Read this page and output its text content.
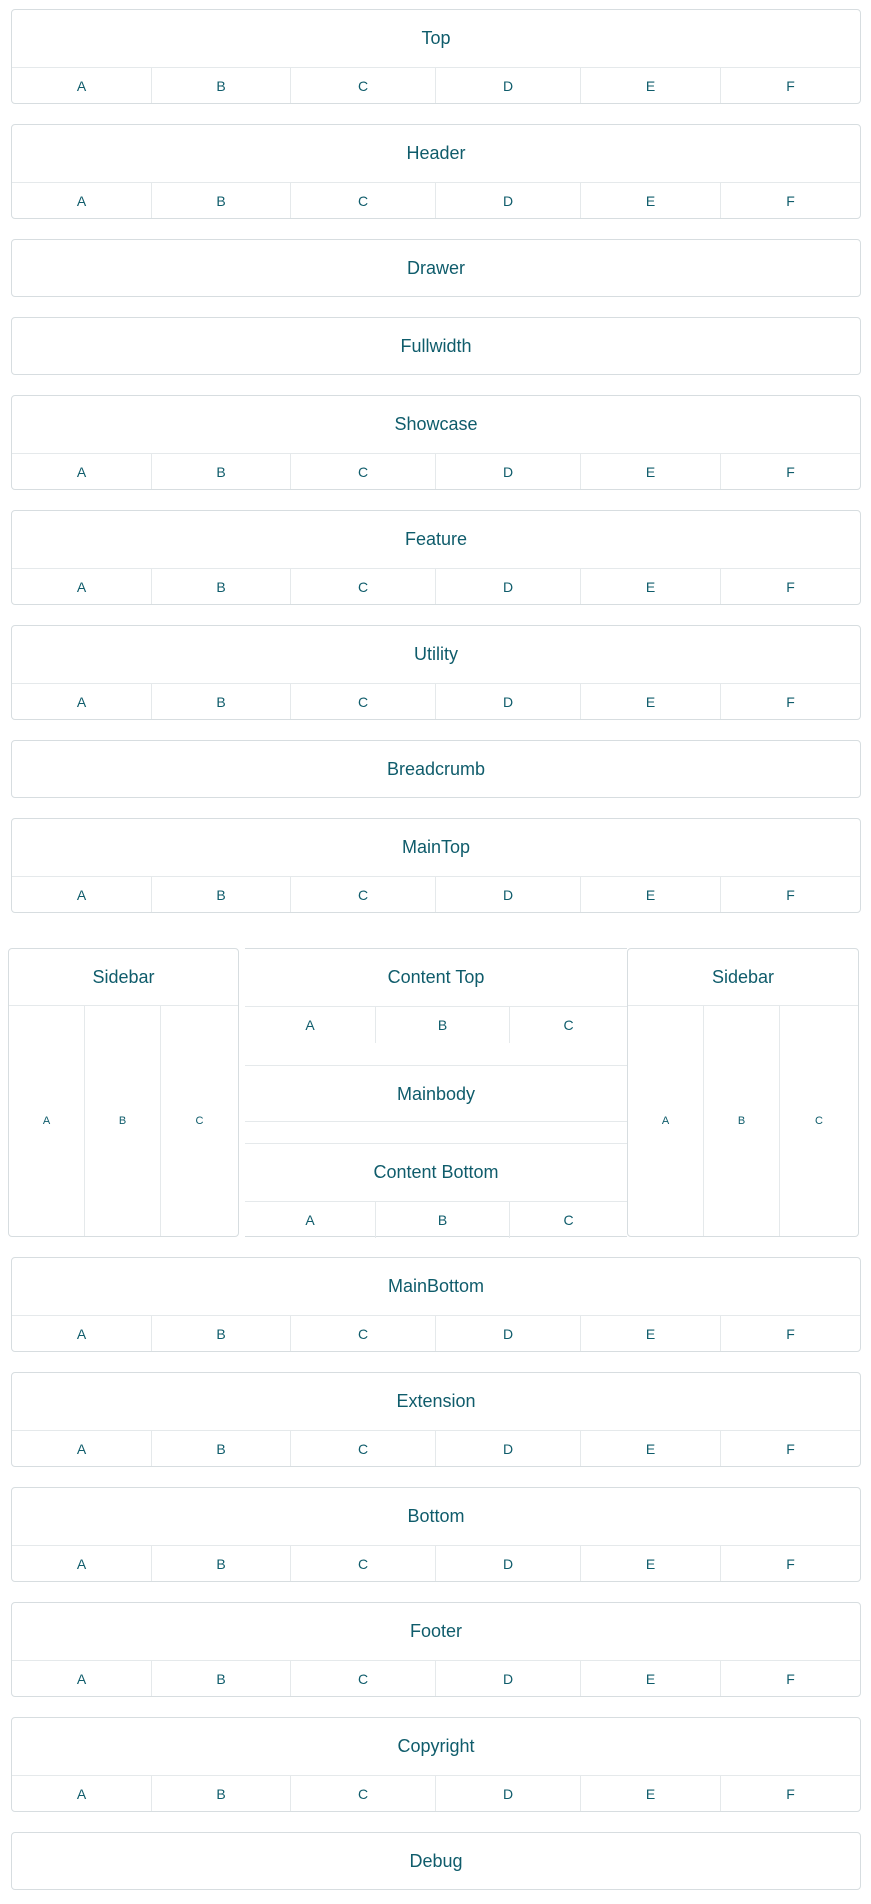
Top
A	B	C	D	E	F
Header
A	B	C	D	E	F
Drawer
Fullwidth
Showcase
A	B	C	D	E	F
Feature
A	B	C	D	E	F
Utility
A	B	C	D	E	F
Breadcrumb
MainTop
A	B	C	D	E	F
Sidebar
A	B	C
Content Top
A	B	C
Mainbody
Content Bottom
A	B	C
Sidebar
A	B	C
MainBottom
A	B	C	D	E	F
Extension
A	B	C	D	E	F
Bottom
A	B	C	D	E	F
Footer
A	B	C	D	E	F
Copyright
A	B	C	D	E	F
Debug
